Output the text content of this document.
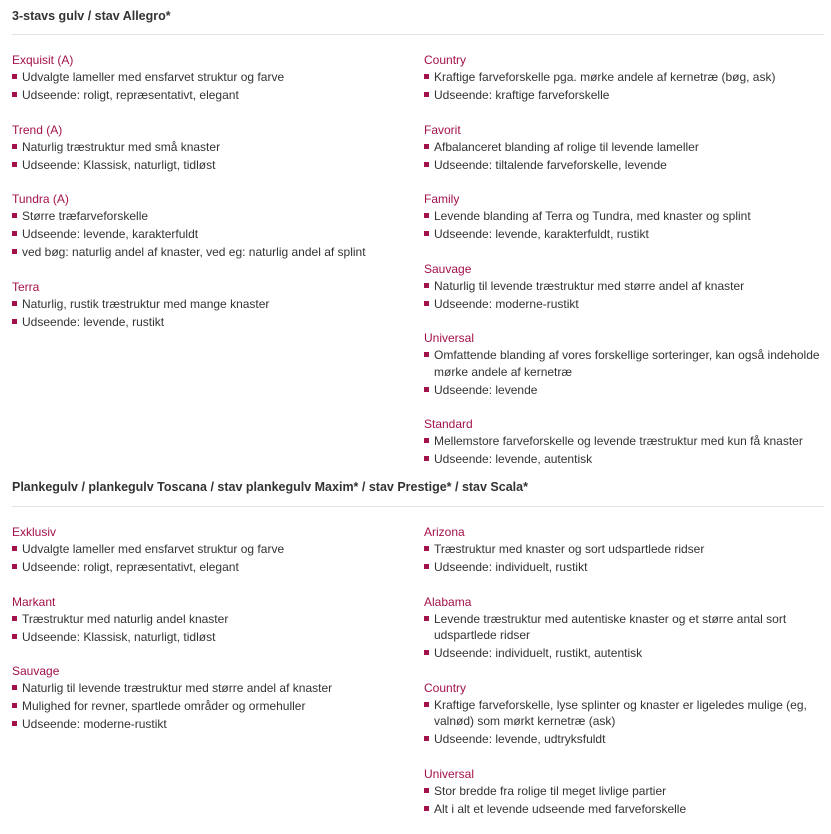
3-stavs gulv / stav Allegro*
Exquisit (A)
Udvalgte lameller med ensfarvet struktur og farve
Udseende: roligt, repræsentativt, elegant
Trend (A)
Naturlig træstruktur med små knaster
Udseende: Klassisk, naturligt, tidløst
Tundra (A)
Større træfarveforskelle
Udseende: levende, karakterfuldt
ved bøg: naturlig andel af knaster, ved eg: naturlig andel af splint
Terra
Naturlig, rustik træstruktur med mange knaster
Udseende: levende, rustikt
Country
Kraftige farveforskelle pga. mørke andele af kernetræ (bøg, ask)
Udseende: kraftige farveforskelle
Favorit
Afbalanceret blanding af rolige til levende lameller
Udseende: tiltalende farveforskelle, levende
Family
Levende blanding af Terra og Tundra, med knaster og splint
Udseende: levende, karakterfuldt, rustikt
Sauvage
Naturlig til levende træstruktur med større andel af knaster
Udseende: moderne-rustikt
Universal
Omfattende blanding af vores forskellige sorteringer, kan også indeholde mørke andele af kernetræ
Udseende: levende
Standard
Mellemstore farveforskelle og levende træstruktur med kun få knaster
Udseende: levende, autentisk
Plankegulv / plankegulv Toscana / stav plankegulv Maxim* / stav Prestige* / stav Scala*
Exklusiv
Udvalgte lameller med ensfarvet struktur og farve
Udseende: roligt, repræsentativt, elegant
Markant
Træstruktur med naturlig andel knaster
Udseende: Klassisk, naturligt, tidløst
Sauvage
Naturlig til levende træstruktur med større andel af knaster
Mulighed for revner, spartlede områder og ormehuller
Udseende: moderne-rustikt
Arizona
Træstruktur med knaster og sort udspartlede ridser
Udseende: individuelt, rustikt
Alabama
Levende træstruktur med autentiske knaster og et større antal sort udspartlede ridser
Udseende: individuelt, rustikt, autentisk
Country
Kraftige farveforskelle, lyse splinter og knaster er ligeledes mulige (eg, valnød) som mørkt kernetræ (ask)
Udseende: levende, udtryksfuldt
Universal
Stor bredde fra rolige til meget livlige partier
Alt i alt et levende udseende med farveforskelle
